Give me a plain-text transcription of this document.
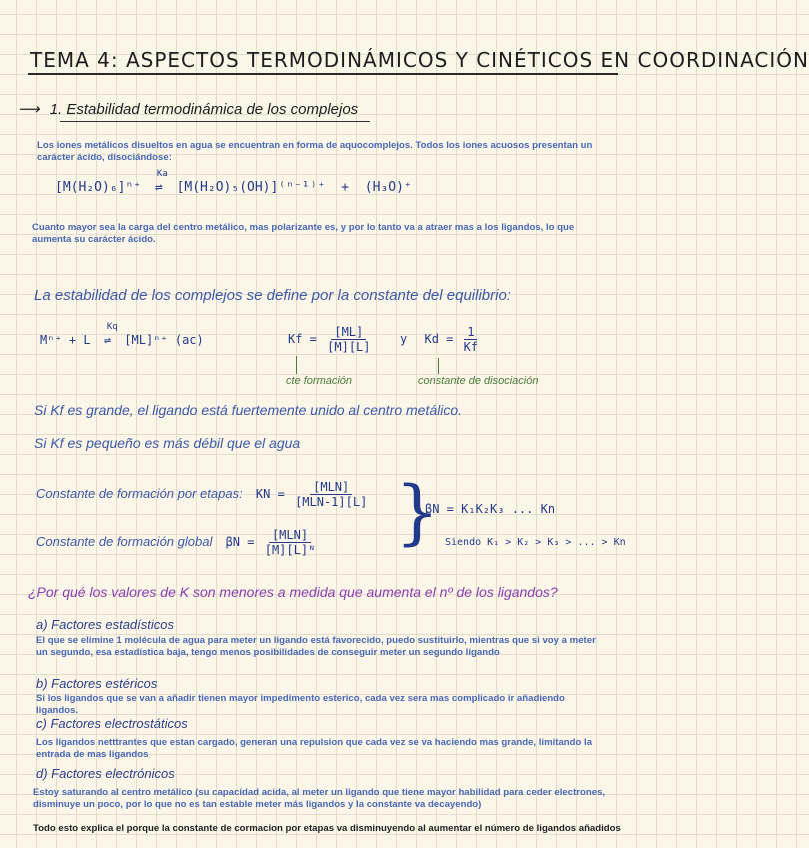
TEMA 4: ASPECTOS TERMODINÁMICOS Y CINÉTICOS EN COORDINACIÓN
⟶ 1. Estabilidad termodinámica de los complejos
Los iones metálicos disueltos en agua se encuentran en forma de aquocomplejos. Todos los iones acuosos presentan un carácter ácido, disociándose:
[M(H₂O)₆]ⁿ⁺
Ka
⇌ [M(H₂O)₅(OH)]⁽ⁿ⁻¹⁾⁺ + (H₃O)⁺
Cuanto mayor sea la carga del centro metálico, mas polarizante es, y por lo tanto va a atraer mas a los ligandos, lo que aumenta su carácter ácido.
La estabilidad de los complejos se define por la constante del equilibrio:
Mⁿ⁺ + L
Kq
⇌ [ML]ⁿ⁺ (ac)	$Kf = \frac{[ML]}{[M][L]}$ y $Kd = \frac{1}{Kf}$
cte formación	constante de disociación
Si Kf es grande, el ligando está fuertemente unido al centro metálico.
Si Kf es pequeño es más débil que el agua
Constante de formación por etapas: KN = $\frac{\text{[MLN]}}{\text{[MLN-1][L]}}$
Constante de formación global $\beta N = \frac{\text{[MLN]}}{\text{[M][L]ᴺ}}$ }
βN = K₁K₂K₃ ... Kn
Siendo K₁ > K₂ > K₃ > ... > Kn
¿Por qué los valores de K son menores a medida que aumenta el nº de los ligandos?
a) Factores estadísticos
El que se elimine 1 molécula de agua para meter un ligando está favorecido, puedo sustituirlo, mientras que si voy a meter un segundo, esa estadistica baja, tengo menos posibilidades de conseguir meter un segundo ligando
b) Factores estéricos
Si los ligandos que se van a añadir tienen mayor impedimento esterico, cada vez sera mas complicado ir añadiendo ligandos.
c) Factores electrostáticos
Los ligandos netttrantes que estan cargado, generan una repulsion que cada vez se va haciendo mas grande, limitando la entrada de mas ligandos
d) Factores electrónicos
Estoy saturando al centro metálico (su capacidad acida, al meter un ligando que tiene mayor habilidad para ceder electrones, disminuye un poco, por lo que no es tan estable meter más ligandos y la constante va decayendo)
Todo esto explica el porque la constante de cormacion por etapas va disminuyendo al aumentar el número de ligandos añadidos
